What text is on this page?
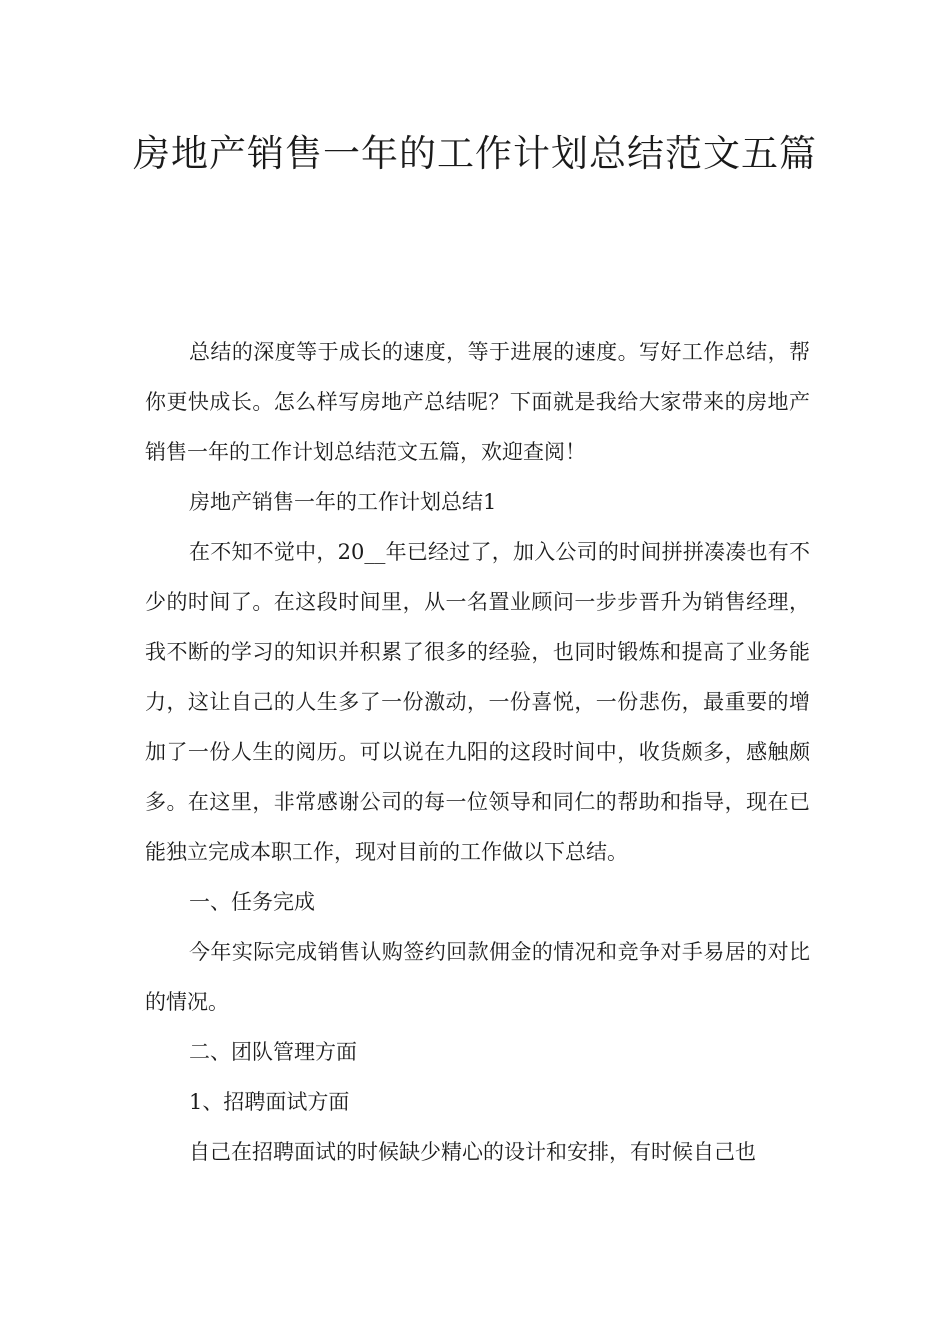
房地产销售一年的工作计划总结范文五篇

总结的深度等于成长的速度，等于进展的速度。写好工作总结，帮你更快成长。怎么样写房地产总结呢？下面就是我给大家带来的房地产销售一年的工作计划总结范文五篇，欢迎查阅！

房地产销售一年的工作计划总结1

在不知不觉中，20__年已经过了，加入公司的时间拼拼凑凑也有不少的时间了。在这段时间里，从一名置业顾问一步步晋升为销售经理，我不断的学习的知识并积累了很多的经验，也同时锻炼和提高了业务能力，这让自己的人生多了一份激动，一份喜悦，一份悲伤，最重要的增加了一份人生的阅历。可以说在九阳的这段时间中，收货颇多，感触颇多。在这里，非常感谢公司的每一位领导和同仁的帮助和指导，现在已能独立完成本职工作，现对目前的工作做以下总结。

一、任务完成

今年实际完成销售认购签约回款佣金的情况和竞争对手易居的对比的情况。

二、团队管理方面

1、招聘面试方面

自己在招聘面试的时候缺少精心的设计和安排，有时候自己也
